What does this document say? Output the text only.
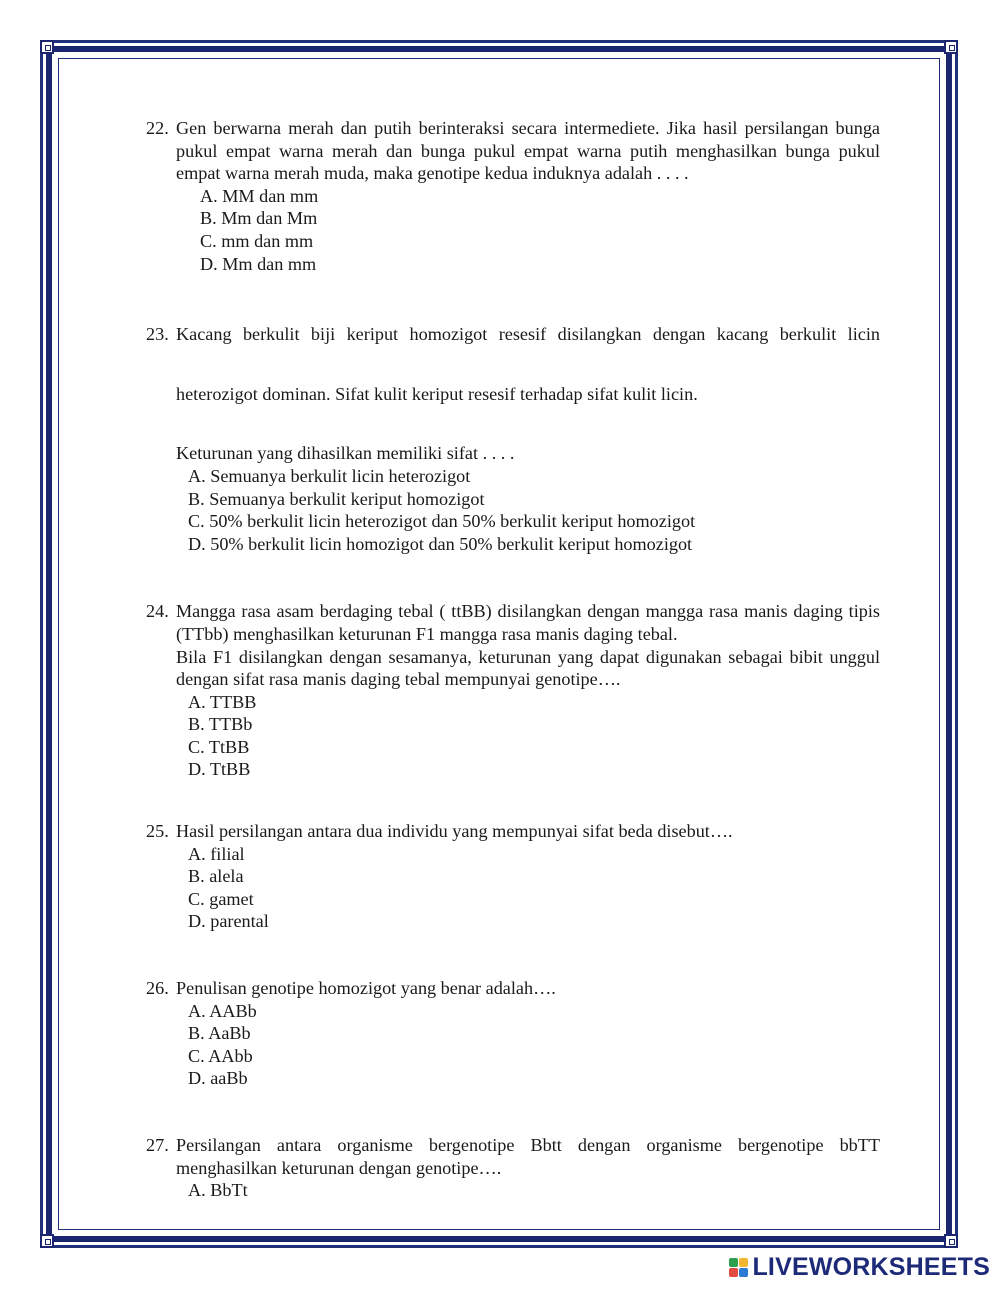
22. Gen berwarna merah dan putih berinteraksi secara intermediete. Jika hasil persilangan bunga pukul empat warna merah dan bunga pukul empat warna putih menghasilkan bunga pukul empat warna merah muda, maka genotipe kedua induknya adalah . . . .
A. MM dan mm
B. Mm dan Mm
C. mm dan mm
D. Mm dan mm
23. Kacang berkulit biji keriput homozigot resesif disilangkan dengan kacang berkulit licin
heterozigot dominan. Sifat kulit keriput resesif terhadap sifat kulit licin.
Keturunan yang dihasilkan memiliki sifat . . . .
A. Semuanya berkulit licin heterozigot
B. Semuanya berkulit keriput homozigot
C. 50% berkulit licin heterozigot dan 50% berkulit keriput homozigot
D. 50% berkulit licin homozigot dan 50% berkulit keriput homozigot
24. Mangga rasa asam berdaging tebal ( ttBB) disilangkan dengan mangga rasa manis daging tipis (TTbb) menghasilkan keturunan F1 mangga rasa manis daging tebal.
Bila F1 disilangkan dengan sesamanya, keturunan yang dapat digunakan sebagai bibit unggul dengan sifat rasa manis daging tebal mempunyai genotipe….
A. TTBB
B. TTBb
C. TtBB
D. TtBB
25. Hasil persilangan antara dua individu yang mempunyai sifat beda disebut….
A. filial
B. alela
C. gamet
D. parental
26. Penulisan genotipe homozigot yang benar adalah….
A. AABb
B. AaBb
C. AAbb
D. aaBb
27. Persilangan antara organisme bergenotipe Bbtt dengan organisme bergenotipe bbTT menghasilkan keturunan dengan genotipe….
A. BbTt
LIVEWORKSHEETS
